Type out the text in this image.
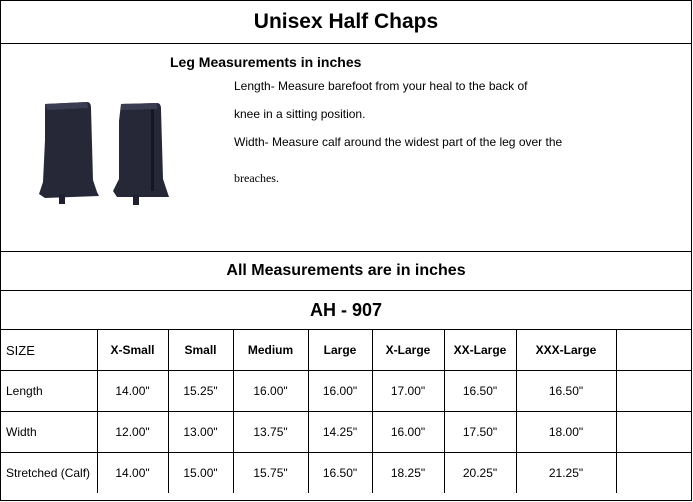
Unisex Half Chaps
Leg Measurements in inches
Length- Measure barefoot from your heal to the back of
knee in a sitting position.
Width- Measure calf around the widest part of the leg over the
breaches.
All Measurements are in inches
AH - 907
SIZE	X-Small	Small	Medium	Large	X-Large	XX-Large	XXX-Large	
Length	14.00"	15.25"	16.00"	16.00"	17.00"	16.50"	16.50"	
Width	12.00"	13.00"	13.75"	14.25"	16.00"	17.50"	18.00"	
Stretched (Calf)	14.00"	15.00"	15.75"	16.50"	18.25"	20.25"	21.25"	
